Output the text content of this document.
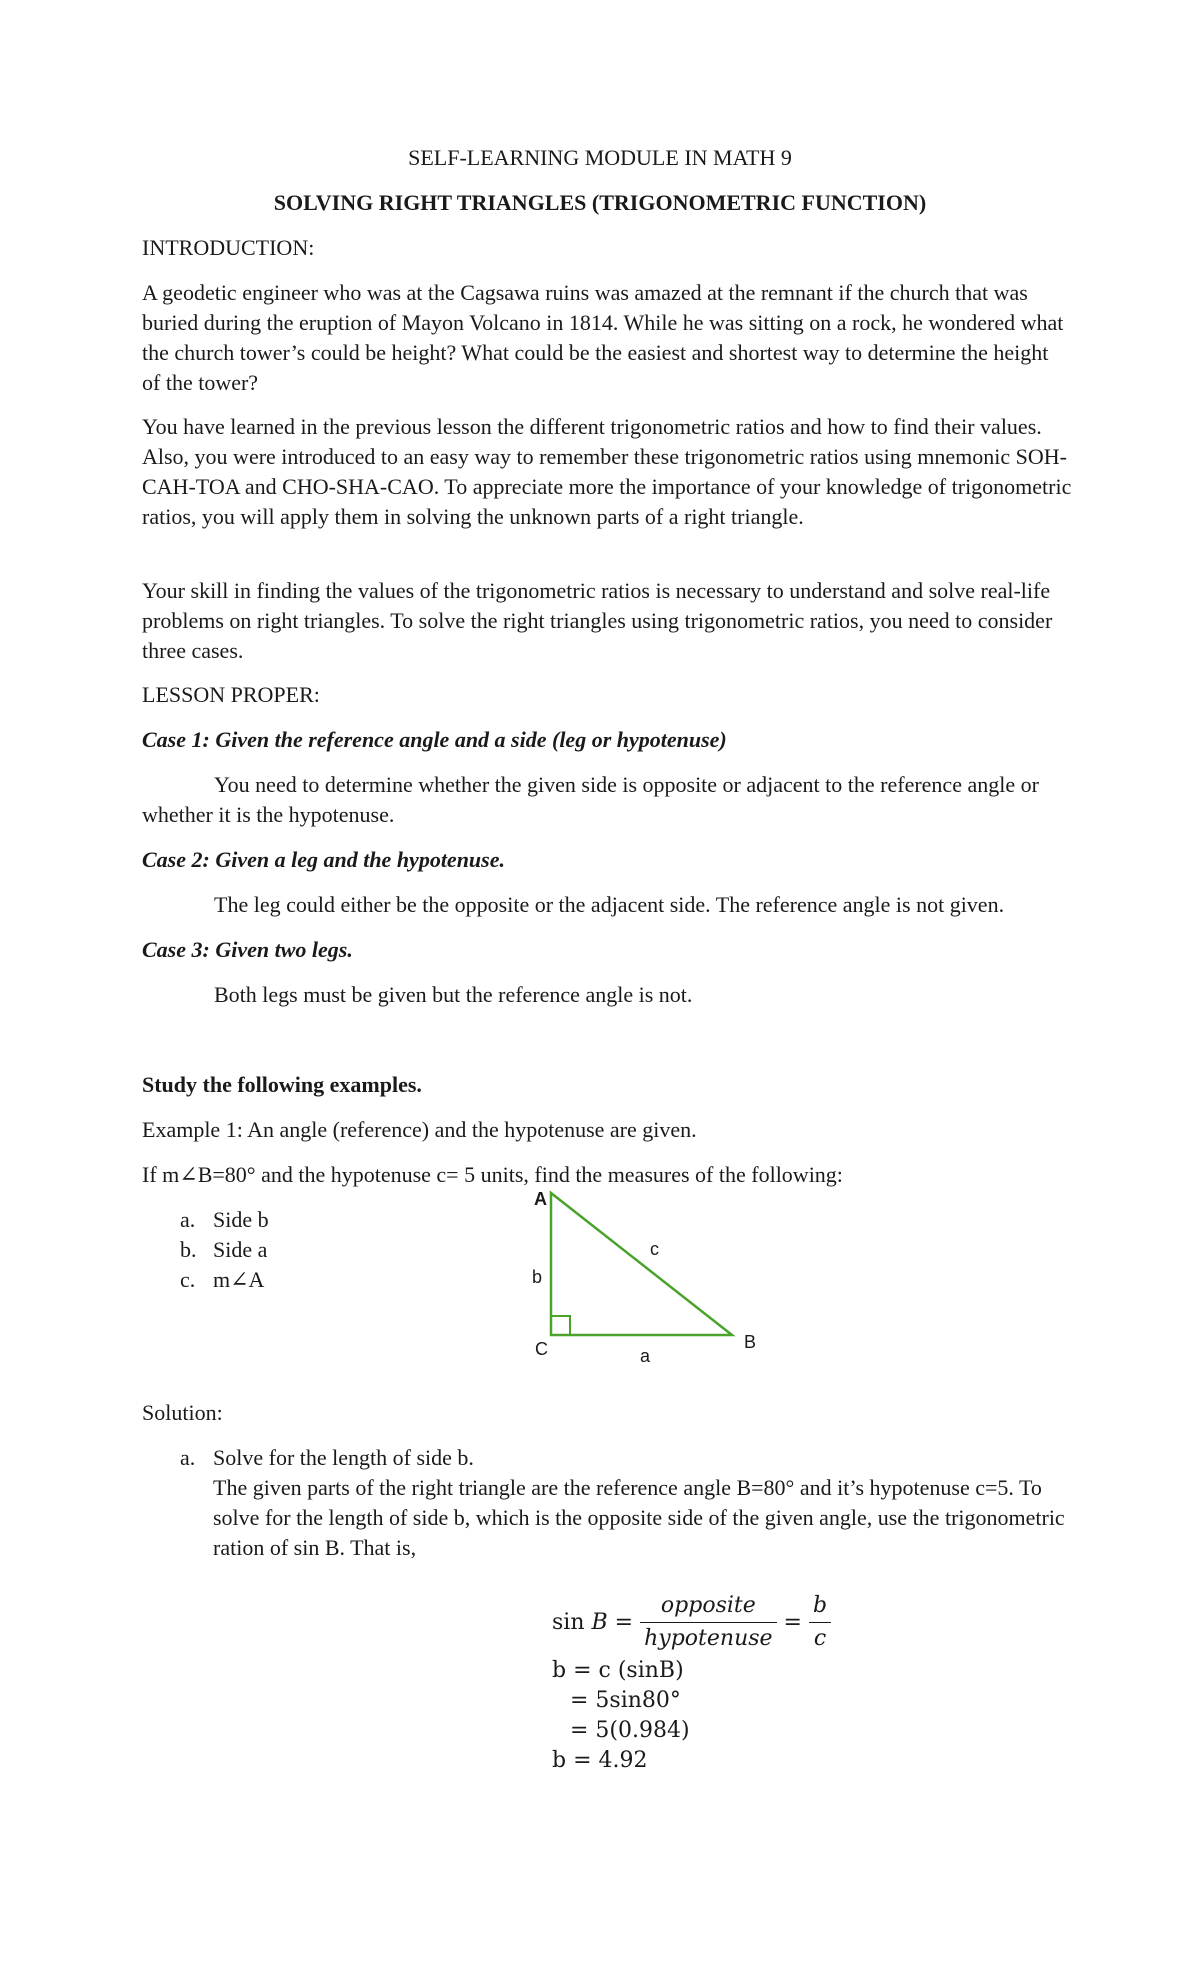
SELF-LEARNING MODULE IN MATH 9

SOLVING RIGHT TRIANGLES (TRIGONOMETRIC FUNCTION)

INTRODUCTION:

A geodetic engineer who was at the Cagsawa ruins was amazed at the remnant if the church that was buried during the eruption of Mayon Volcano in 1814. While he was sitting on a rock, he wondered what the church tower’s could be height? What could be the easiest and shortest way to determine the height of the tower?

You have learned in the previous lesson the different trigonometric ratios and how to find their values. Also, you were introduced to an easy way to remember these trigonometric ratios using mnemonic SOH-CAH-TOA and CHO-SHA-CAO. To appreciate more the importance of your knowledge of trigonometric ratios, you will apply them in solving the unknown parts of a right triangle.

Your skill in finding the values of the trigonometric ratios is necessary to understand and solve real-life problems on right triangles. To solve the right triangles using trigonometric ratios, you need to consider three cases.

LESSON PROPER:

Case 1: Given the reference angle and a side (leg or hypotenuse)

You need to determine whether the given side is opposite or adjacent to the reference angle or whether it is the hypotenuse.

Case 2: Given a leg and the hypotenuse.

The leg could either be the opposite or the adjacent side. The reference angle is not given.

Case 3: Given two legs.

Both legs must be given but the reference angle is not.

Study the following examples.

Example 1: An angle (reference) and the hypotenuse are given.

If m∠B=80° and the hypotenuse c= 5 units, find the measures of the following:

a. Side b
b. Side a
c. m∠A
A
B
C
c
b
a

Solution:

a. Solve for the length of side b.

The given parts of the right triangle are the reference angle B=80° and it’s hypotenuse c=5. To solve for the length of side b, which is the opposite side of the given angle, use the trigonometric ration of sin B. That is,

$\sin B = \frac{\text{opposite}}{\text{hypotenuse}} = \frac{b}{c}$

b = c (sinB)

= 5sin80°

= 5(0.984)

b = 4.92
